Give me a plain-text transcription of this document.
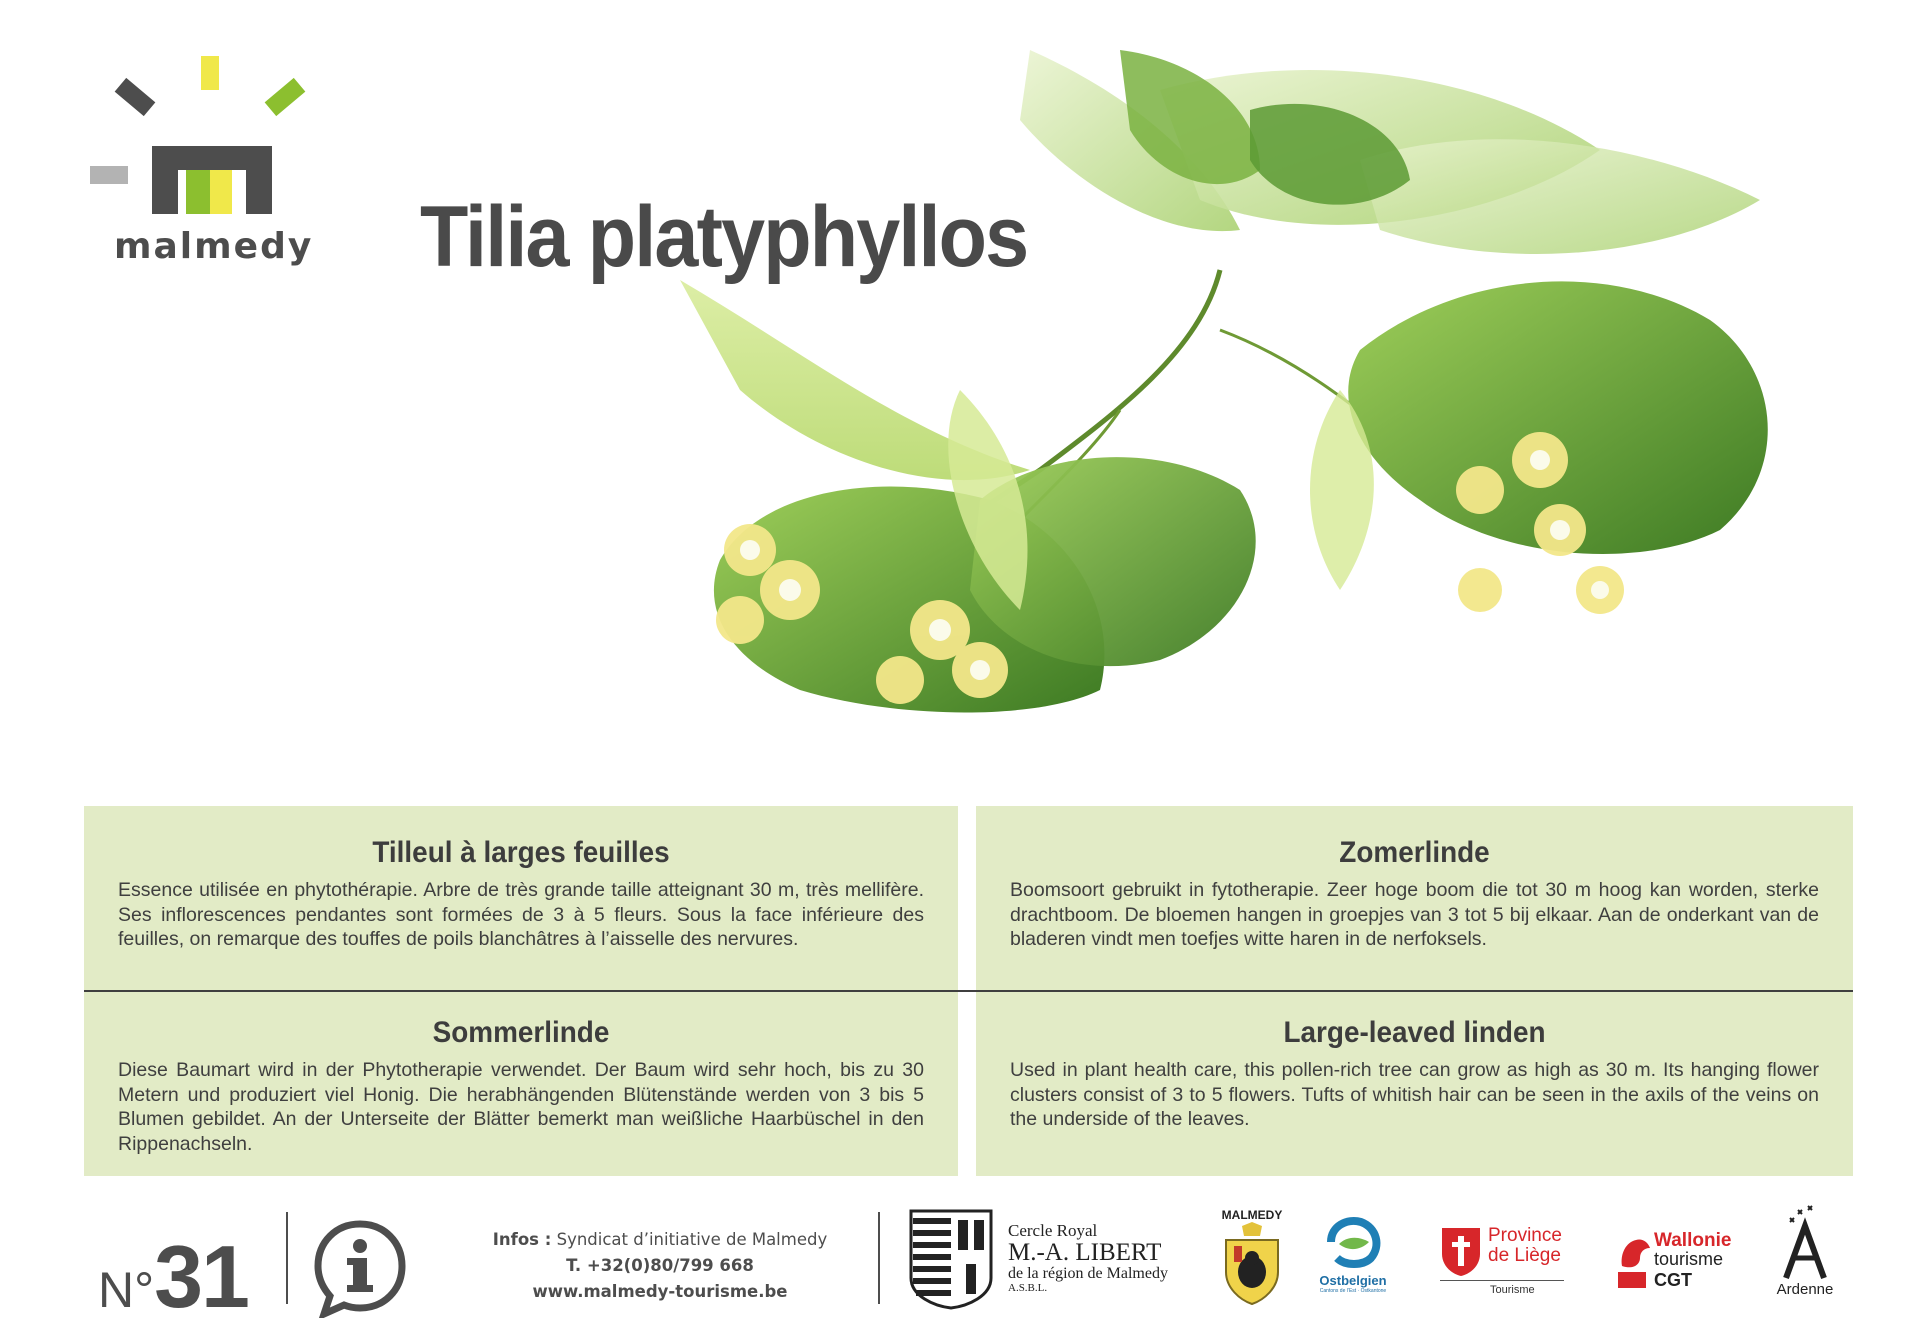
malmedy Tilia platyphyllos
Tilleul à larges feuilles

Essence utilisée en phytothérapie. Arbre de très grande taille atteignant 30 m, très mellifère. Ses inflorescences pendantes sont formées de 3 à 5 fleurs. Sous la face inférieure des feuilles, on remarque des touffes de poils blanchâtres à l’aisselle des nervures.

Zomerlinde

Boomsoort gebruikt in fytotherapie. Zeer hoge boom die tot 30 m hoog kan worden, sterke drachtboom. De bloemen hangen in groepjes van 3 tot 5 bij elkaar. Aan de onderkant van de bladeren vindt men toefjes witte haren in de nerfoksels.

Sommerlinde

Diese Baumart wird in der Phytotherapie verwendet. Der Baum wird sehr hoch, bis zu 30 Metern und produziert viel Honig. Die herabhängenden Blütenstände werden von 3 bis 5 Blumen gebildet. An der Unterseite der Blätter bemerkt man weißliche Haarbüschel in den Rippenachseln.

Large-leaved linden

Used in plant health care, this pollen-rich tree can grow as high as 30 m. Its hanging flower clusters consist of 3 to 5 flowers. Tufts of whitish hair can be seen in the axils of the veins on the underside of the leaves.

N°31	Infos : Syndicat d’initiative de Malmedy
T. +32(0)80/799 668
www.malmedy-tourisme.be
Cercle Royal
M.-A. LIBERT
de la région de Malmedy
A.S.B.L.
MALMEDY
Ostbelgien
Cantons de l’Est · Ostkantone
Province
de Liège
Tourisme
Wallonie
tourisme
CGT	Ardenne
